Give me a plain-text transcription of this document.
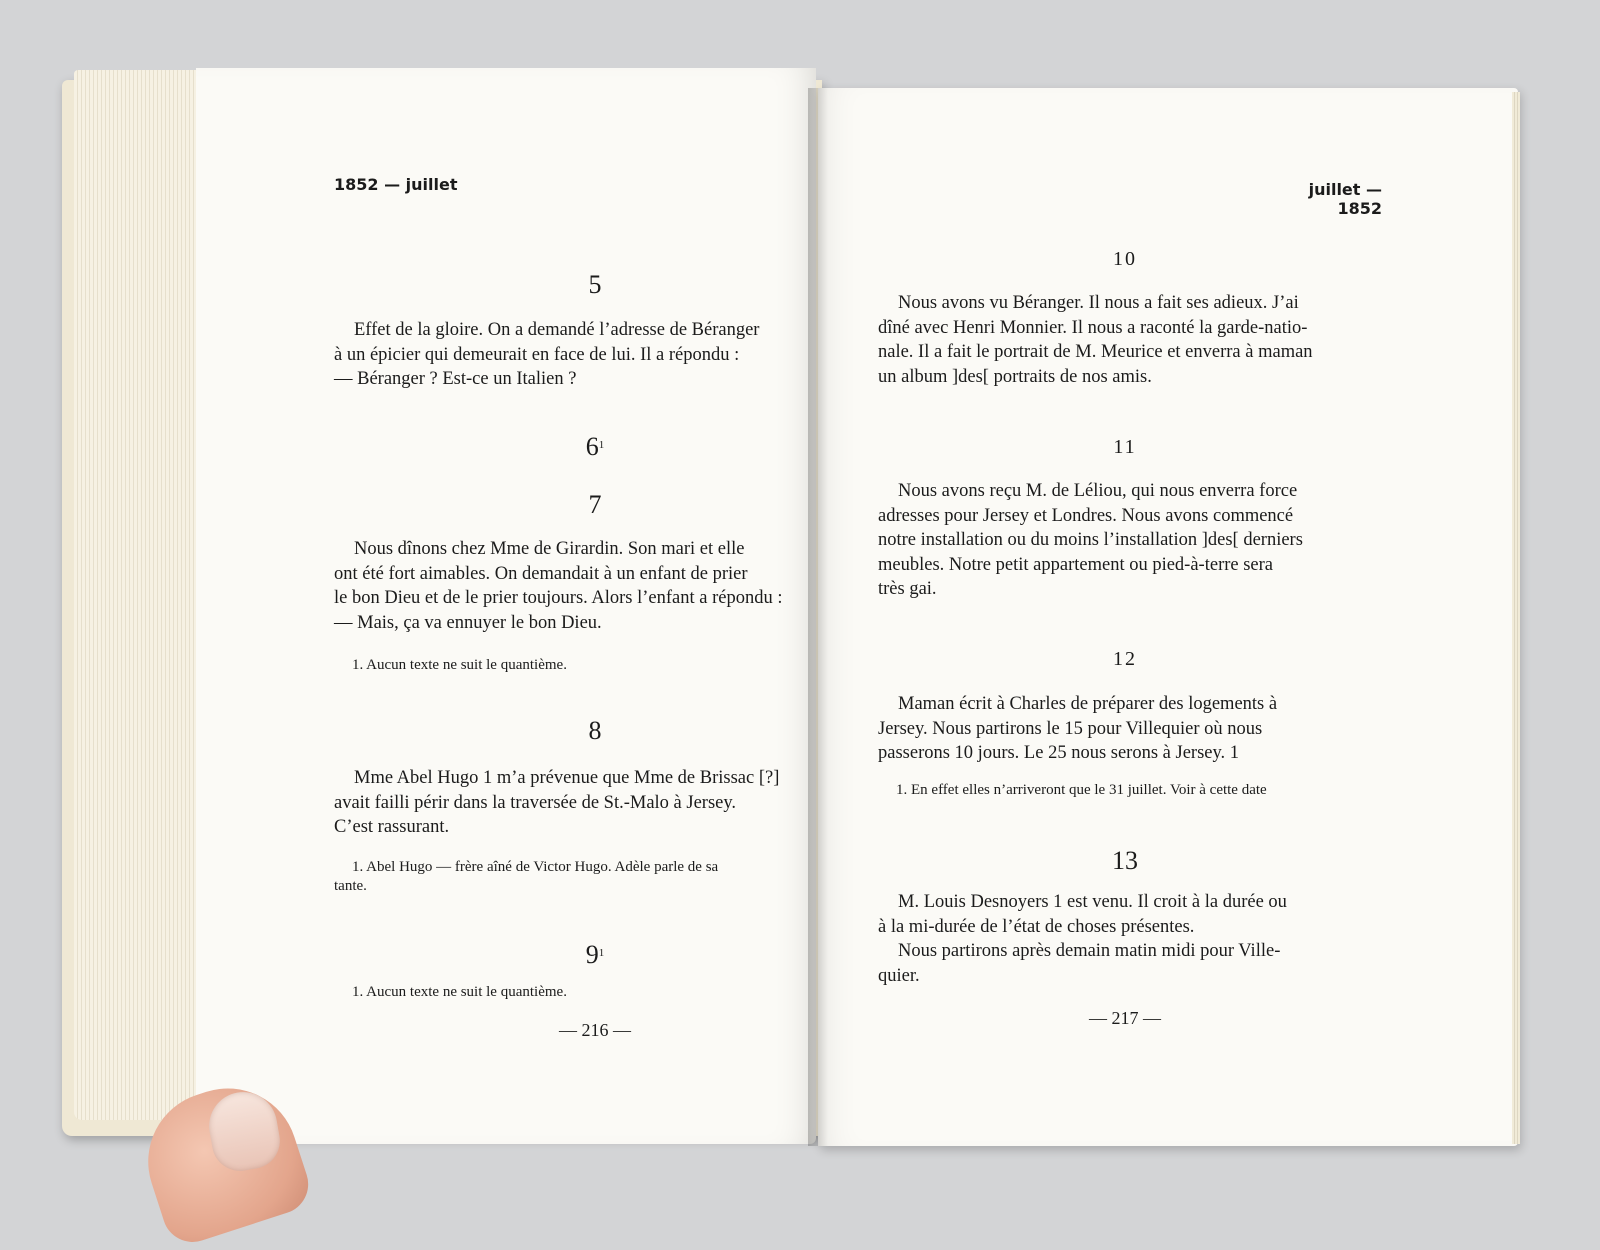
1852 — juillet

5

Effet de la gloire. On a demandé l’adresse de Béranger
à un épicier qui demeurait en face de lui. Il a répondu :
— Béranger ? Est-ce un Italien ?

$6^1$

7

Nous dînons chez Mme de Girardin. Son mari et elle
ont été fort aimables. On demandait à un enfant de prier
le bon Dieu et de le prier toujours. Alors l’enfant a répondu :
— Mais, ça va ennuyer le bon Dieu.

1. Aucun texte ne suit le quantième.

8

Mme Abel Hugo 1 m’a prévenue que Mme de Brissac [?]
avait failli périr dans la traversée de St.-Malo à Jersey.
C’est rassurant.
1. Abel Hugo — frère aîné de Victor Hugo. Adèle parle de sa
tante.

$9^1$

1. Aucun texte ne suit le quantième.

— 216 —

juillet — 1852

10

Nous avons vu Béranger. Il nous a fait ses adieux. J’ai
dîné avec Henri Monnier. Il nous a raconté la garde-natio-
nale. Il a fait le portrait de M. Meurice et enverra à maman
un album ]des[ portraits de nos amis.

11

Nous avons reçu M. de Léliou, qui nous enverra force
adresses pour Jersey et Londres. Nous avons commencé
notre installation ou du moins l’installation ]des[ derniers
meubles. Notre petit appartement ou pied-à-terre sera
très gai.

12

Maman écrit à Charles de préparer des logements à
Jersey. Nous partirons le 15 pour Villequier où nous
passerons 10 jours. Le 25 nous serons à Jersey. 1

1. En effet elles n’arriveront que le 31 juillet. Voir à cette date

13

M. Louis Desnoyers 1 est venu. Il croit à la durée ou
à la mi-durée de l’état de choses présentes.
Nous partirons après demain matin midi pour Ville-
quier.

— 217 —
